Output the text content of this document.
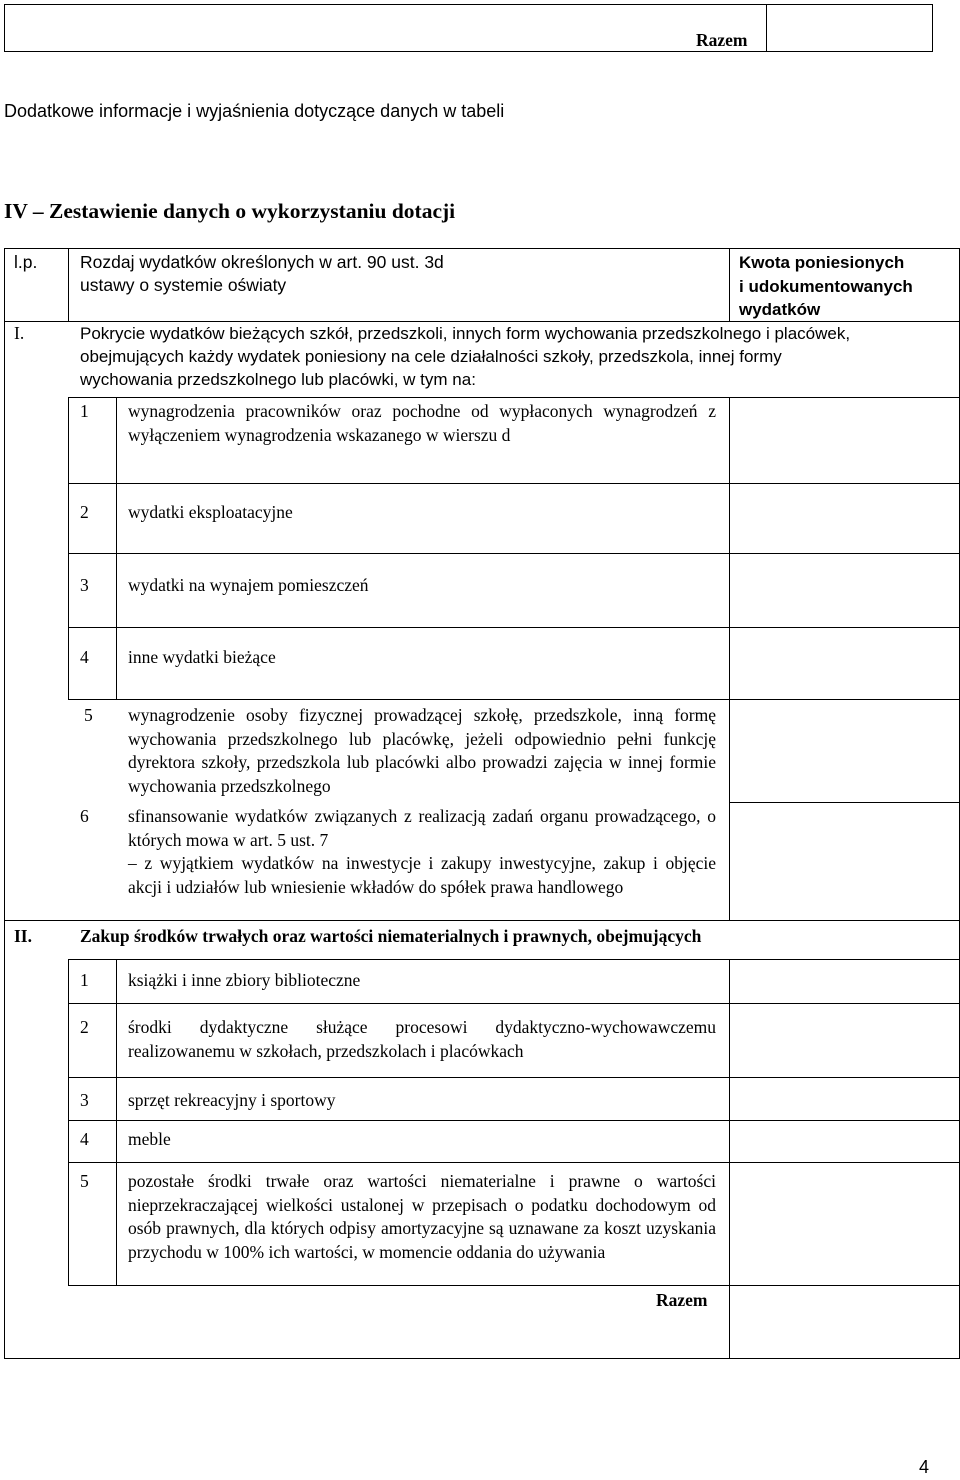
Razem
Dodatkowe informacje i wyjaśnienia dotyczące danych w tabeli
IV – Zestawienie danych o wykorzystaniu dotacji
l.p. Rozdaj wydatków określonych w art. 90 ust. 3d
ustawy o systemie oświaty
Kwota poniesionych
i udokumentowanych
wydatków
I.	Pokrycie wydatków bieżących szkół, przedszkoli, innych form wychowania przedszkolnego i placówek,
obejmujących każdy wydatek poniesiony na cele działalności szkoły, przedszkola, innej formy
wychowania przedszkolnego lub placówki, w tym na:
1 wynagrodzenia pracowników oraz pochodne od wypłaconych wynagrodzeń z wyłączeniem wynagrodzenia wskazanego w wierszu d
2 wydatki eksploatacyjne
3 wydatki na wynajem pomieszczeń
4 inne wydatki bieżące
5 wynagrodzenie osoby fizycznej prowadzącej szkołę, przedszkole, inną formę wychowania przedszkolnego lub placówkę, jeżeli odpowiednio pełni funkcję dyrektora szkoły, przedszkola lub placówki albo prowadzi zajęcia w innej formie wychowania przedszkolnego
6 sfinansowanie wydatków związanych z realizacją zadań organu prowadzącego, o których mowa w art. 5 ust. 7
– z wyjątkiem wydatków na inwestycje i zakupy inwestycyjne, zakup i objęcie akcji i udziałów lub wniesienie wkładów do spółek prawa handlowego
II.	Zakup środków trwałych oraz wartości niematerialnych i prawnych, obejmujących
1 książki i inne zbiory biblioteczne
2 środki dydaktyczne służące procesowi dydaktyczno-wychowawczemu realizowanemu w szkołach, przedszkolach i placówkach
3 sprzęt rekreacyjny i sportowy
4 meble
5 pozostałe środki trwałe oraz wartości niematerialne i prawne o wartości nieprzekraczającej wielkości ustalonej w przepisach o podatku dochodowym od osób prawnych, dla których odpisy amortyzacyjne są uznawane za koszt uzyskania przychodu w 100% ich wartości, w momencie oddania do używania
Razem
4
